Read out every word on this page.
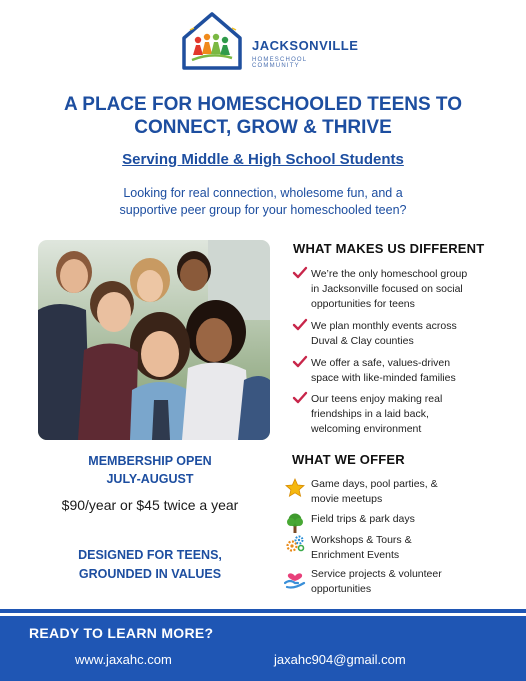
JACKSONVILLE
HOMESCHOOL COMMUNITY
A PLACE FOR HOMESCHOOLED TEENS TO
CONNECT, GROW & THRIVE
Serving Middle & High School Students
Looking for real connection, wholesome fun, and a
supportive peer group for your homeschooled teen?
WHAT MAKES US DIFFERENT
We’re the only homeschool group
in Jacksonville focused on social
opportunities for teens
We plan monthly events across
Duval & Clay counties
We offer a safe, values-driven
space with like-minded families
Our teens enjoy making real
friendships in a laid back,
welcoming environment
WHAT WE OFFER
Game days, pool parties, &
movie meetups
Field trips & park days
Workshops & Tours &
Enrichment Events
Service projects & volunteer
opportunities
MEMBERSHIP OPEN
JULY-AUGUST
$90/year or $45 twice a year
DESIGNED FOR TEENS,
GROUNDED IN VALUES
READY TO LEARN MORE?
www.jaxahc.com	jaxahc904@gmail.com
